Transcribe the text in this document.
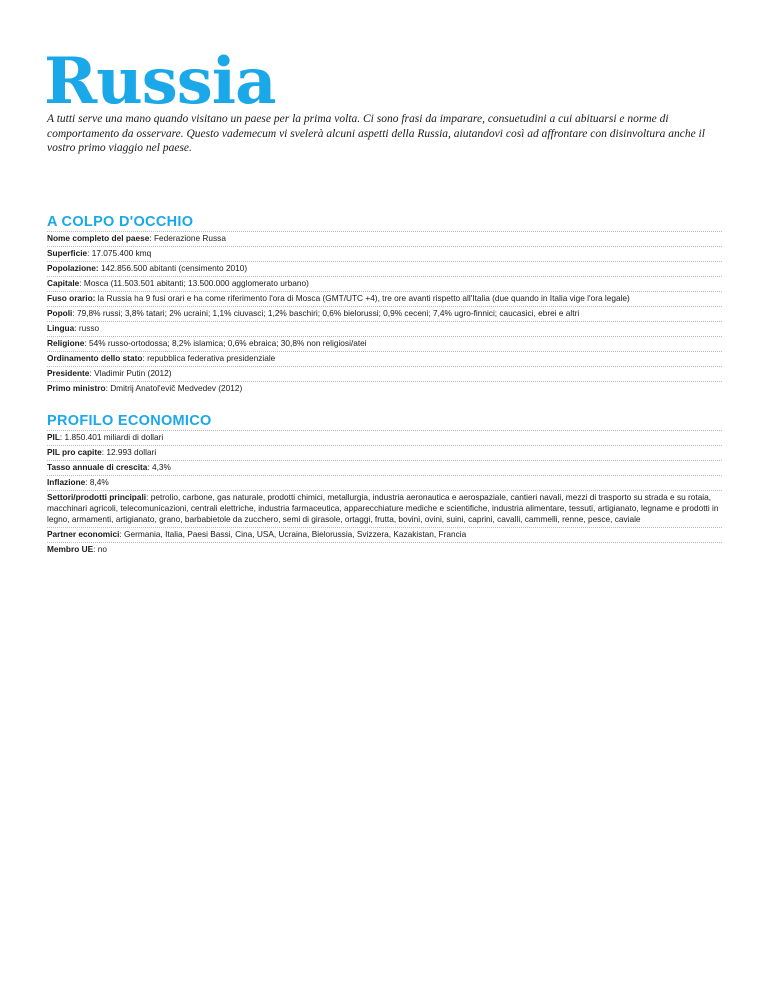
Russia

A tutti serve una mano quando visitano un paese per la prima volta. Ci sono frasi da imparare, consuetudini a cui abituarsi e norme di comportamento da osservare. Questo vademecum vi svelerà alcuni aspetti della Russia, aiutandovi così ad affrontare con disinvoltura anche il vostro primo viaggio nel paese.

A COLPO D'OCCHIO
Nome completo del paese: Federazione Russa
Superficie: 17.075.400 kmq
Popolazione: 142.856.500 abitanti (censimento 2010)
Capitale: Mosca (11.503.501 abitanti; 13.500.000 agglomerato urbano)
Fuso orario: la Russia ha 9 fusi orari e ha come riferimento l'ora di Mosca (GMT/UTC +4), tre ore avanti rispetto all'Italia (due quando in Italia vige l'ora legale)
Popoli: 79,8% russi; 3,8% tatari; 2% ucraini; 1,1% ciuvasci; 1,2% baschiri; 0,6% bielorussi; 0,9% ceceni; 7,4% ugro-finnici; caucasici, ebrei e altri
Lingua: russo
Religione: 54% russo-ortodossa; 8,2% islamica; 0,6% ebraica; 30,8% non religiosi/atei
Ordinamento dello stato: repubblica federativa presidenziale
Presidente: Vladimir Putin (2012)
Primo ministro: Dmitrij Anatol'evič Medvedev (2012)
PROFILO ECONOMICO
PIL: 1.850.401 miliardi di dollari
PIL pro capite: 12.993 dollari
Tasso annuale di crescita: 4,3%
Inflazione: 8,4%
Settori/prodotti principali: petrolio, carbone, gas naturale, prodotti chimici, metallurgia, industria aeronautica e aerospaziale, cantieri navali, mezzi di trasporto su strada e su rotaia, macchinari agricoli, telecomunicazioni, centrali elettriche, industria farmaceutica, apparecchiature mediche e scientifiche, industria alimentare, tessuti, artigianato, legname e prodotti in legno, armamenti, artigianato, grano, barbabietole da zucchero, semi di girasole, ortaggi, frutta, bovini, ovini, suini, caprini, cavalli, cammelli, renne, pesce, caviale
Partner economici: Germania, Italia, Paesi Bassi, Cina, USA, Ucraina, Bielorussia, Svizzera, Kazakistan, Francia
Membro UE: no
